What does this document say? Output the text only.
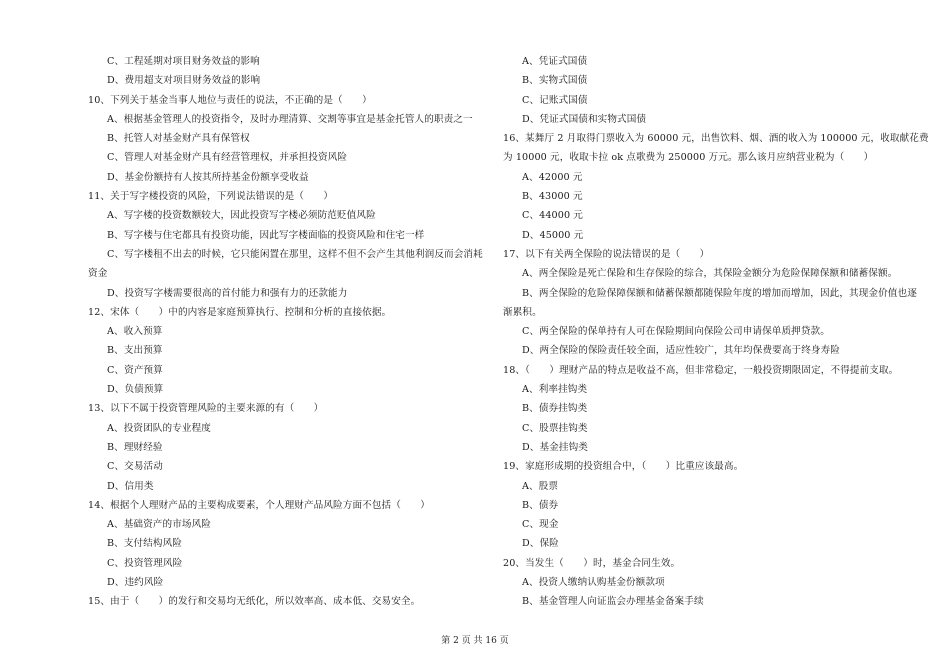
C、工程延期对项目财务效益的影响
D、费用超支对项目财务效益的影响
10、下列关于基金当事人地位与责任的说法，不正确的是（　　）
A、根据基金管理人的投资指令，及时办理清算、交割等事宜是基金托管人的职责之一
B、托管人对基金财产具有保管权
C、管理人对基金财产具有经营管理权，并承担投资风险
D、基金份额持有人按其所持基金份额享受收益
11、关于写字楼投资的风险，下列说法错误的是（　　）
A、写字楼的投资数额较大，因此投资写字楼必须防范贬值风险
B、写字楼与住宅都具有投资功能，因此写字楼面临的投资风险和住宅一样
C、写字楼租不出去的时候，它只能闲置在那里，这样不但不会产生其他利润反而会消耗
资金
D、投资写字楼需要很高的首付能力和强有力的还款能力
12、宋体（　　）中的内容是家庭预算执行、控制和分析的直接依据。
A、收入预算
B、支出预算
C、资产预算
D、负债预算
13、以下不属于投资管理风险的主要来源的有（　　）
A、投资团队的专业程度
B、理财经验
C、交易活动
D、信用类
14、根据个人理财产品的主要构成要素，个人理财产品风险方面不包括（　　）
A、基础资产的市场风险
B、支付结构风险
C、投资管理风险
D、违约风险
15、由于（　　）的发行和交易均无纸化，所以效率高、成本低、交易安全。
A、凭证式国债
B、实物式国债
C、记账式国债
D、凭证式国债和实物式国债
16、某舞厅 2 月取得门票收入为 60000 元，出售饮料、烟、酒的收入为 100000 元，收取献花费
为 10000 元，收取卡拉 ok 点歌费为 250000 万元。那么该月应纳营业税为（　　）
A、42000 元
B、43000 元
C、44000 元
D、45000 元
17、以下有关两全保险的说法错误的是（　　）
A、两全保险是死亡保险和生存保险的综合，其保险金额分为危险保障保额和储蓄保额。
B、两全保险的危险保障保额和储蓄保额都随保险年度的增加而增加，因此，其现金价值也逐
渐累积。
C、两全保险的保单持有人可在保险期间向保险公司申请保单质押贷款。
D、两全保险的保险责任较全面，适应性较广，其年均保费要高于终身寿险
18、（　　）理财产品的特点是收益不高，但非常稳定，一般投资期限固定，不得提前支取。
A、利率挂钩类
B、债券挂钩类
C、股票挂钩类
D、基金挂钩类
19、家庭形成期的投资组合中，（　　）比重应该最高。
A、股票
B、债券
C、现金
D、保险
20、当发生（　　）时，基金合同生效。
A、投资人缴纳认购基金份额款项
B、基金管理人向证监会办理基金备案手续
第 2 页 共 16 页
